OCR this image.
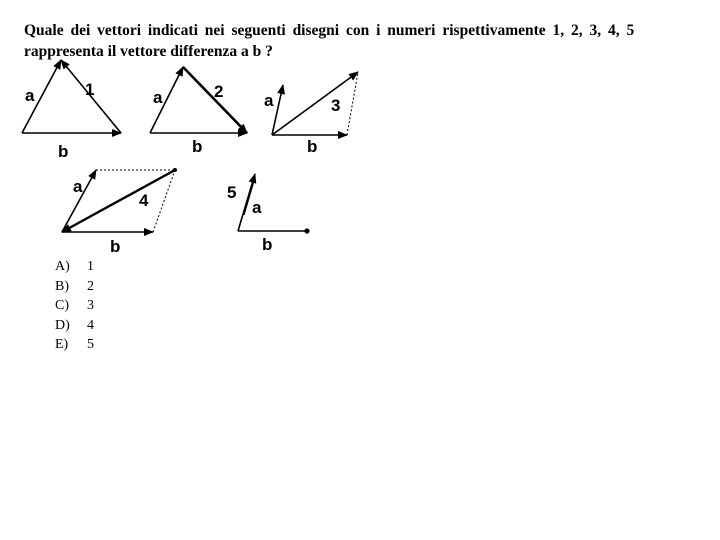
Quale dei vettori indicati nei seguenti disegni con i numeri rispettivamente 1, 2, 3, 4, 5
rappresenta il vettore differenza a b ?

a	1
b
a	2
b
a	3
b
a
4
b
5
a
b
A)	1
B)	2
C)	3
D)	4
E)	5
